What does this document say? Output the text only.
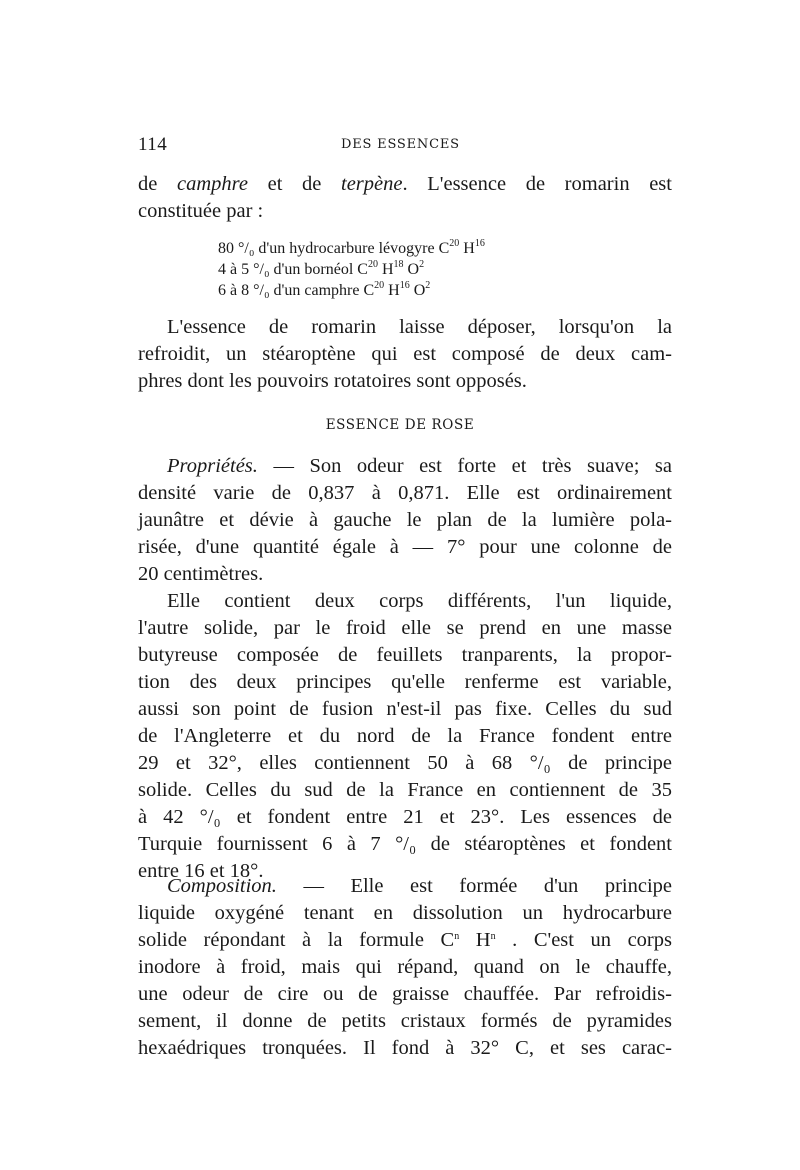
114	DES ESSENCES
de camphre et de terpène. L'essence de romarin est
constituée par :
80 °/₀ d'un hydrocarbure lévogyre $C^{20}$ $H^{16}$
4 à 5 °/₀ d'un bornéol $C^{20}$ $H^{18}$ $O^2$
6 à 8 °/₀ d'un camphre $C^{20}$ $H^{16}$ $O^2$
L'essence de romarin laisse déposer, lorsqu'on la
refroidit, un stéaroptène qui est composé de deux cam-
phres dont les pouvoirs rotatoires sont opposés.
ESSENCE DE ROSE
Propriétés. — Son odeur est forte et très suave; sa
densité varie de 0,837 à 0,871. Elle est ordinairement
jaunâtre et dévie à gauche le plan de la lumière pola-
risée, d'une quantité égale à — 7° pour une colonne de
20 centimètres.
Elle contient deux corps différents, l'un liquide,
l'autre solide, par le froid elle se prend en une masse
butyreuse composée de feuillets tranparents, la propor-
tion des deux principes qu'elle renferme est variable,
aussi son point de fusion n'est-il pas fixe. Celles du sud
de l'Angleterre et du nord de la France fondent entre
29 et 32°, elles contiennent 50 à 68 °/₀ de principe
solide. Celles du sud de la France en contiennent de 35
à 42 °/₀ et fondent entre 21 et 23°. Les essences de
Turquie fournissent 6 à 7 °/₀ de stéaroptènes et fondent
entre 16 et 18°.
Composition. — Elle est formée d'un principe
liquide oxygéné tenant en dissolution un hydrocarbure
solide répondant à la formule $C^n$ $H^n$ . C'est un corps
inodore à froid, mais qui répand, quand on le chauffe,
une odeur de cire ou de graisse chauffée. Par refroidis-
sement, il donne de petits cristaux formés de pyramides
hexaédriques tronquées. Il fond à 32° C, et ses carac-
